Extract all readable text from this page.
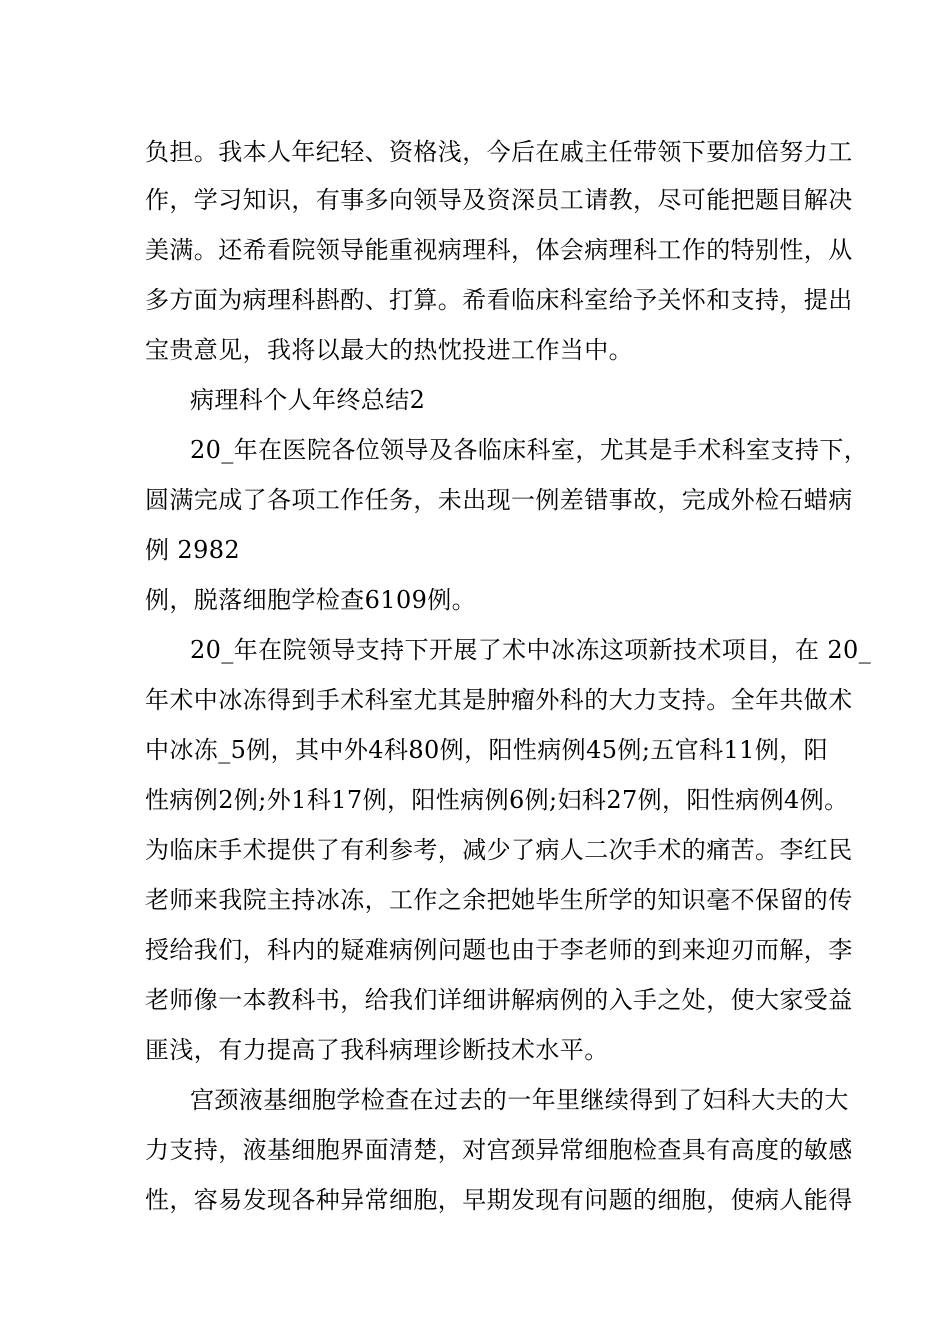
负担。我本人年纪轻、资格浅，今后在戚主任带领下要加倍努力工
作，学习知识，有事多向领导及资深员工请教，尽可能把题目解决
美满。还希看院领导能重视病理科，体会病理科工作的特别性，从
多方面为病理科斟酌、打算。希看临床科室给予关怀和支持，提出
宝贵意见，我将以最大的热忱投进工作当中。
病理科个人年终总结2
20_年在医院各位领导及各临床科室，尤其是手术科室支持下，
圆满完成了各项工作任务，未出现一例差错事故，完成外检石蜡病
例 2982
例，脱落细胞学检查6109例。
20_年在院领导支持下开展了术中冰冻这项新技术项目，在 20_
年术中冰冻得到手术科室尤其是肿瘤外科的大力支持。全年共做术
中冰冻_5例，其中外4科80例，阳性病例45例;五官科11例，阳
性病例2例;外1科17例，阳性病例6例;妇科27例，阳性病例4例。
为临床手术提供了有利参考，减少了病人二次手术的痛苦。李红民
老师来我院主持冰冻，工作之余把她毕生所学的知识毫不保留的传
授给我们，科内的疑难病例问题也由于李老师的到来迎刃而解，李
老师像一本教科书，给我们详细讲解病例的入手之处，使大家受益
匪浅，有力提高了我科病理诊断技术水平。
宫颈液基细胞学检查在过去的一年里继续得到了妇科大夫的大
力支持，液基细胞界面清楚，对宫颈异常细胞检查具有高度的敏感
性，容易发现各种异常细胞，早期发现有问题的细胞，使病人能得
